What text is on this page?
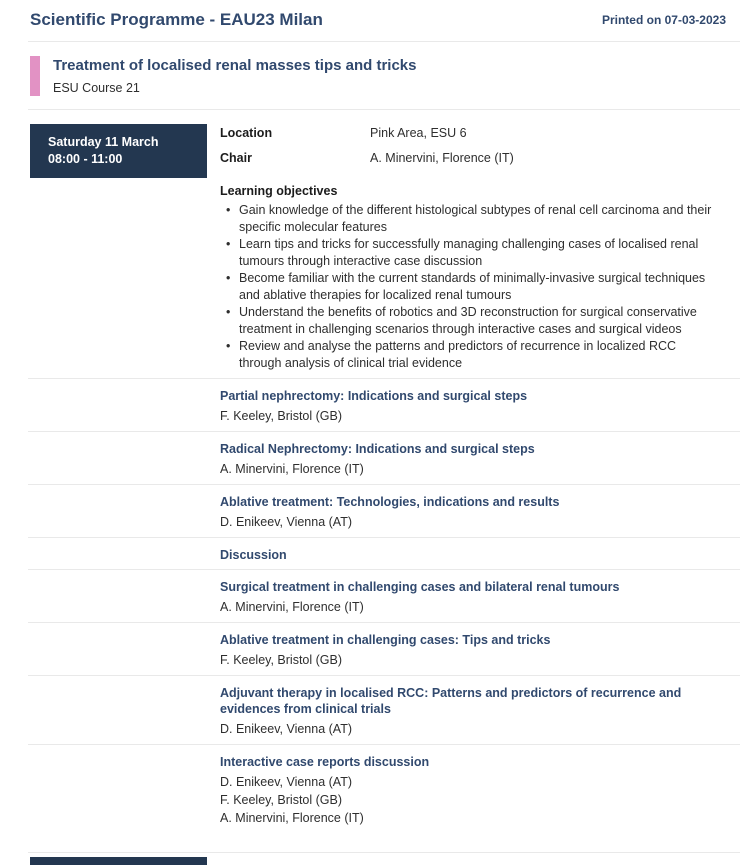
Scientific Programme - EAU23 Milan	Printed on 07-03-2023
Treatment of localised renal masses tips and tricks
ESU Course 21
Saturday 11 March
08:00 - 11:00
Location	Pink Area, ESU 6
Chair	A. Minervini, Florence (IT)
Learning objectives
• Gain knowledge of the different histological subtypes of renal cell carcinoma and their specific molecular features
• Learn tips and tricks for successfully managing challenging cases of localised renal tumours through interactive case discussion
• Become familiar with the current standards of minimally-invasive surgical techniques and ablative therapies for localized renal tumours
• Understand the benefits of robotics and 3D reconstruction for surgical conservative treatment in challenging scenarios through interactive cases and surgical videos
• Review and analyse the patterns and predictors of recurrence in localized RCC through analysis of clinical trial evidence
Partial nephrectomy: Indications and surgical steps
F. Keeley, Bristol (GB)
Radical Nephrectomy: Indications and surgical steps
A. Minervini, Florence (IT)
Ablative treatment: Technologies, indications and results
D. Enikeev, Vienna (AT)
Discussion
Surgical treatment in challenging cases and bilateral renal tumours
A. Minervini, Florence (IT)
Ablative treatment in challenging cases: Tips and tricks
F. Keeley, Bristol (GB)
Adjuvant therapy in localised RCC: Patterns and predictors of recurrence and evidences from clinical trials
D. Enikeev, Vienna (AT)
Interactive case reports discussion
D. Enikeev, Vienna (AT)
F. Keeley, Bristol (GB)
A. Minervini, Florence (IT)
